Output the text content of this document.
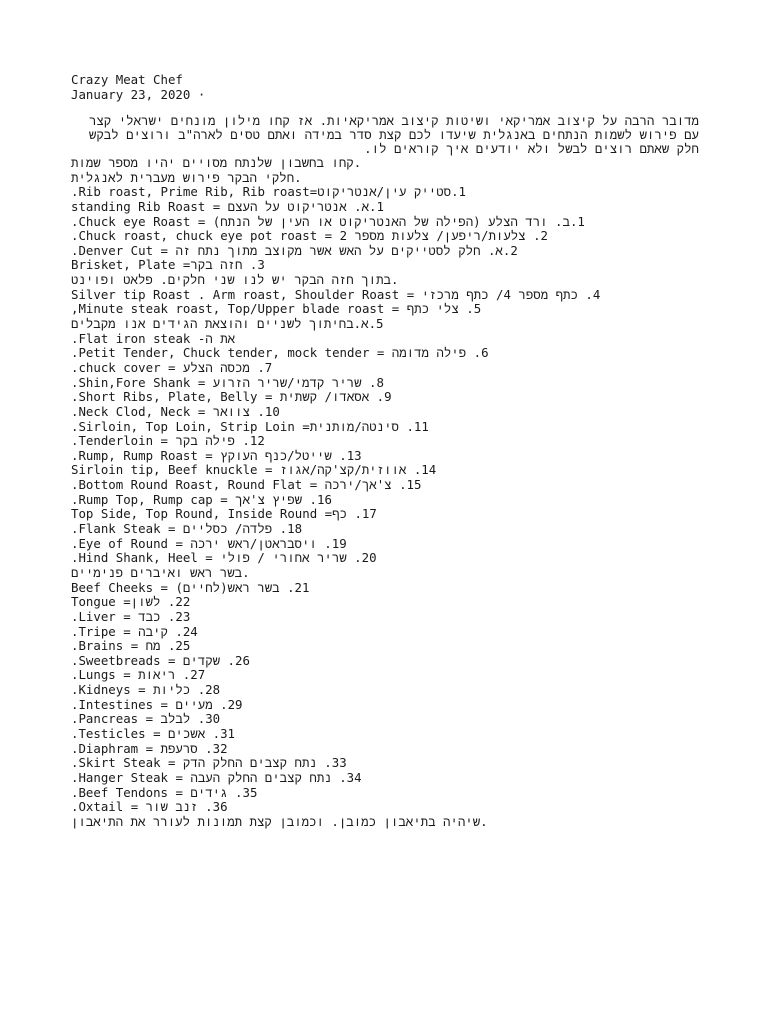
Crazy Meat Chef
January 23, 2020 ·
מדובר הרבה על קיצוב אמריקאי ושיטות קיצוב אמריקאיות. אז קחו מילון מונחים ישראלי קצר עם פירוש לשמות הנתחים באנגלית שיעדו לכם קצת סדר במידה ואתם טסים לארה"ב ורוצים לבקש חלק שאתם רוצים לבשל ולא יודעים איך קוראים לו.
.קחו בחשבון שלנתח מסויים יהיו מספר שמות
.חלקי הבקר פירוש מעברית לאנגלית
1.סטייק עין/אנטריקוט=Rib roast, Prime Rib, Rib roast.
1.א. אנטריקוט על העצם = standing Rib Roast
1.ב. ורד הצלע (הפילה של האנטריקוט או העין של הנתח) = Chuck eye Roast.
2. צלעות/ריפען/ צלעות מספר 2 = Chuck roast, chuck eye pot roast.
2.א. חלק לסטייקים על האש אשר מקוצב מתוך נתח זה = Denver Cut.
3. חזה בקר= Brisket, Plate
.בתוך חזה הבקר יש לנו שני חלקים. פלאט ופוינט
4. כתף מספר 4/ כתף מרכזי = Silver tip Roast . Arm roast, Shoulder Roast
5. צלי כתף = Minute steak roast, Top/Upper blade roast,
5.א.בחיתוך לשניים והוצאת הגידים אנו מקבלים
את ה- Flat iron steak.
6. פילה מדומה = Petit Tender, Chuck tender, mock tender.
7. מכסה הצלע = chuck cover.
8. שריר קדמי/שריר הזרוע = Shin,Fore Shank.
9. אסאדו/ קשתית = Short Ribs, Plate, Belly.
10. צוואר = Neck Clod, Neck.
11. סינטה/מותנית= Sirloin, Top Loin, Strip Loin.
12. פילה בקר = Tenderloin.
13. שייטל/כנף העוקץ = Rump, Rump Roast.
14. אווזית/קצ'קה/אגוז = Sirloin tip, Beef knuckle
15. צ'אך/ירכה = Bottom Round Roast, Round Flat.
16. שפיץ צ'אך = Rump Top, Rump cap.
17. כף= Top Side, Top Round, Inside Round
18. פלדה/ כסליים = Flank Steak.
19. ויסבראטן/ראש ירכה = Eye of Round.
20. שריר אחורי / פולי = Hind Shank, Heel.
.בשר ראש ואיברים פנימיים
21. בשר ראש(לחיים) = Beef Cheeks
22. לשון= Tongue
23. כבד = Liver.
24. קיבה = Tripe.
25. מח = Brains.
26. שקדים = Sweetbreads.
27. ריאות = Lungs.
28. כליות = Kidneys.
29. מעיים = Intestines.
30. לבלב = Pancreas.
31. אשכים = Testicles.
32. סרעפת = Diaphram.
33. נתח קצבים החלק הדק = Skirt Steak.
34. נתח קצבים החלק העבה = Hanger Steak.
35. גידים = Beef Tendons.
36. זנב שור = Oxtail.
.שיהיה בתיאבון כמובן. וכמובן קצת תמונות לעורר את התיאבון
